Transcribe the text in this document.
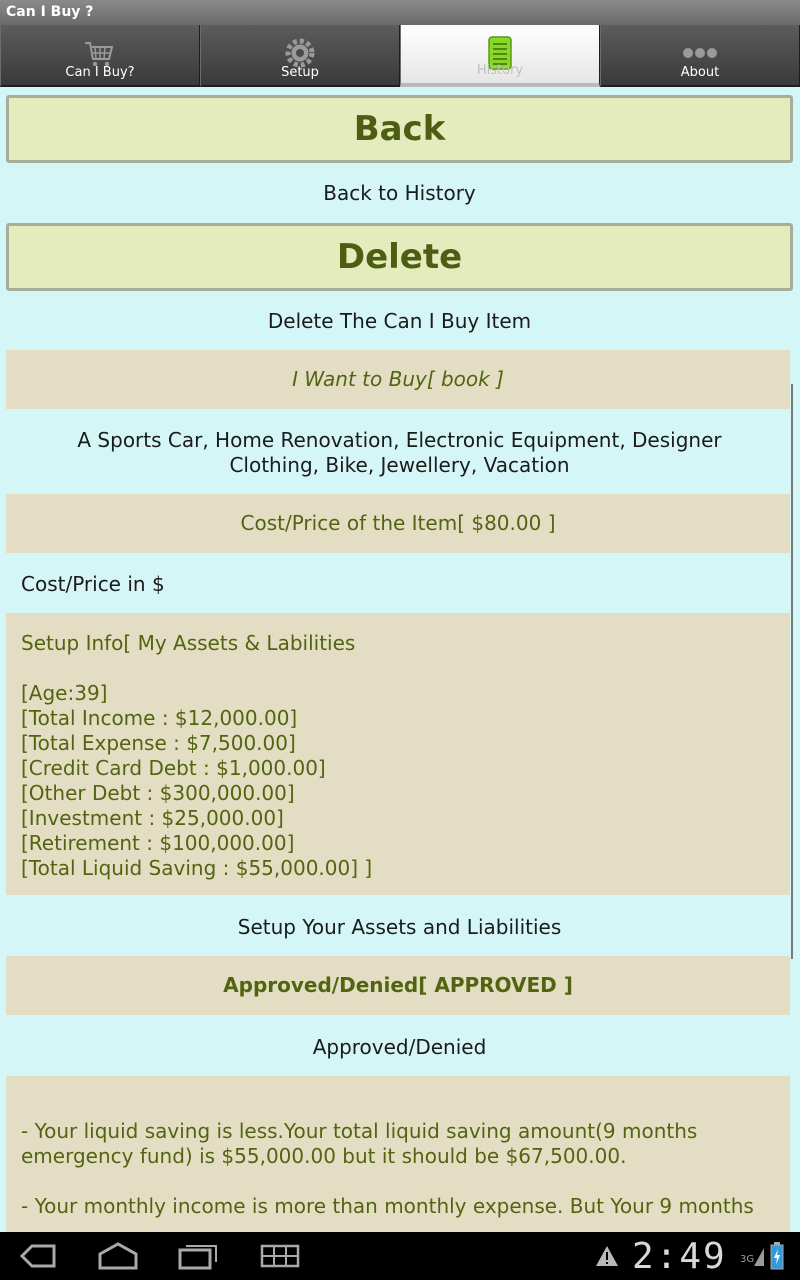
Can I Buy ?
Can I Buy?	Setup	History	About
Back
Back to History
Delete
Delete The Can I Buy Item
I Want to Buy[ book ]
A Sports Car, Home Renovation, Electronic Equipment, Designer Clothing, Bike, Jewellery, Vacation
Cost/Price of the Item[ $80.00 ]
Cost/Price in $
Setup Info[ My Assets & Labilities
[Age:39]
[Total Income : $12,000.00]
[Total Expense : $7,500.00]
[Credit Card Debt : $1,000.00]
[Other Debt : $300,000.00]
[Investment : $25,000.00]
[Retirement : $100,000.00]
[Total Liquid Saving : $55,000.00] ]
Setup Your Assets and Liabilities
Approved/Denied[ APPROVED ]
Approved/Denied
- Your liquid saving is less.Your total liquid saving amount(9 months emergency fund) is $55,000.00 but it should be $67,500.00.
- Your monthly income is more than monthly expense. But Your 9 months
2:49 3G
